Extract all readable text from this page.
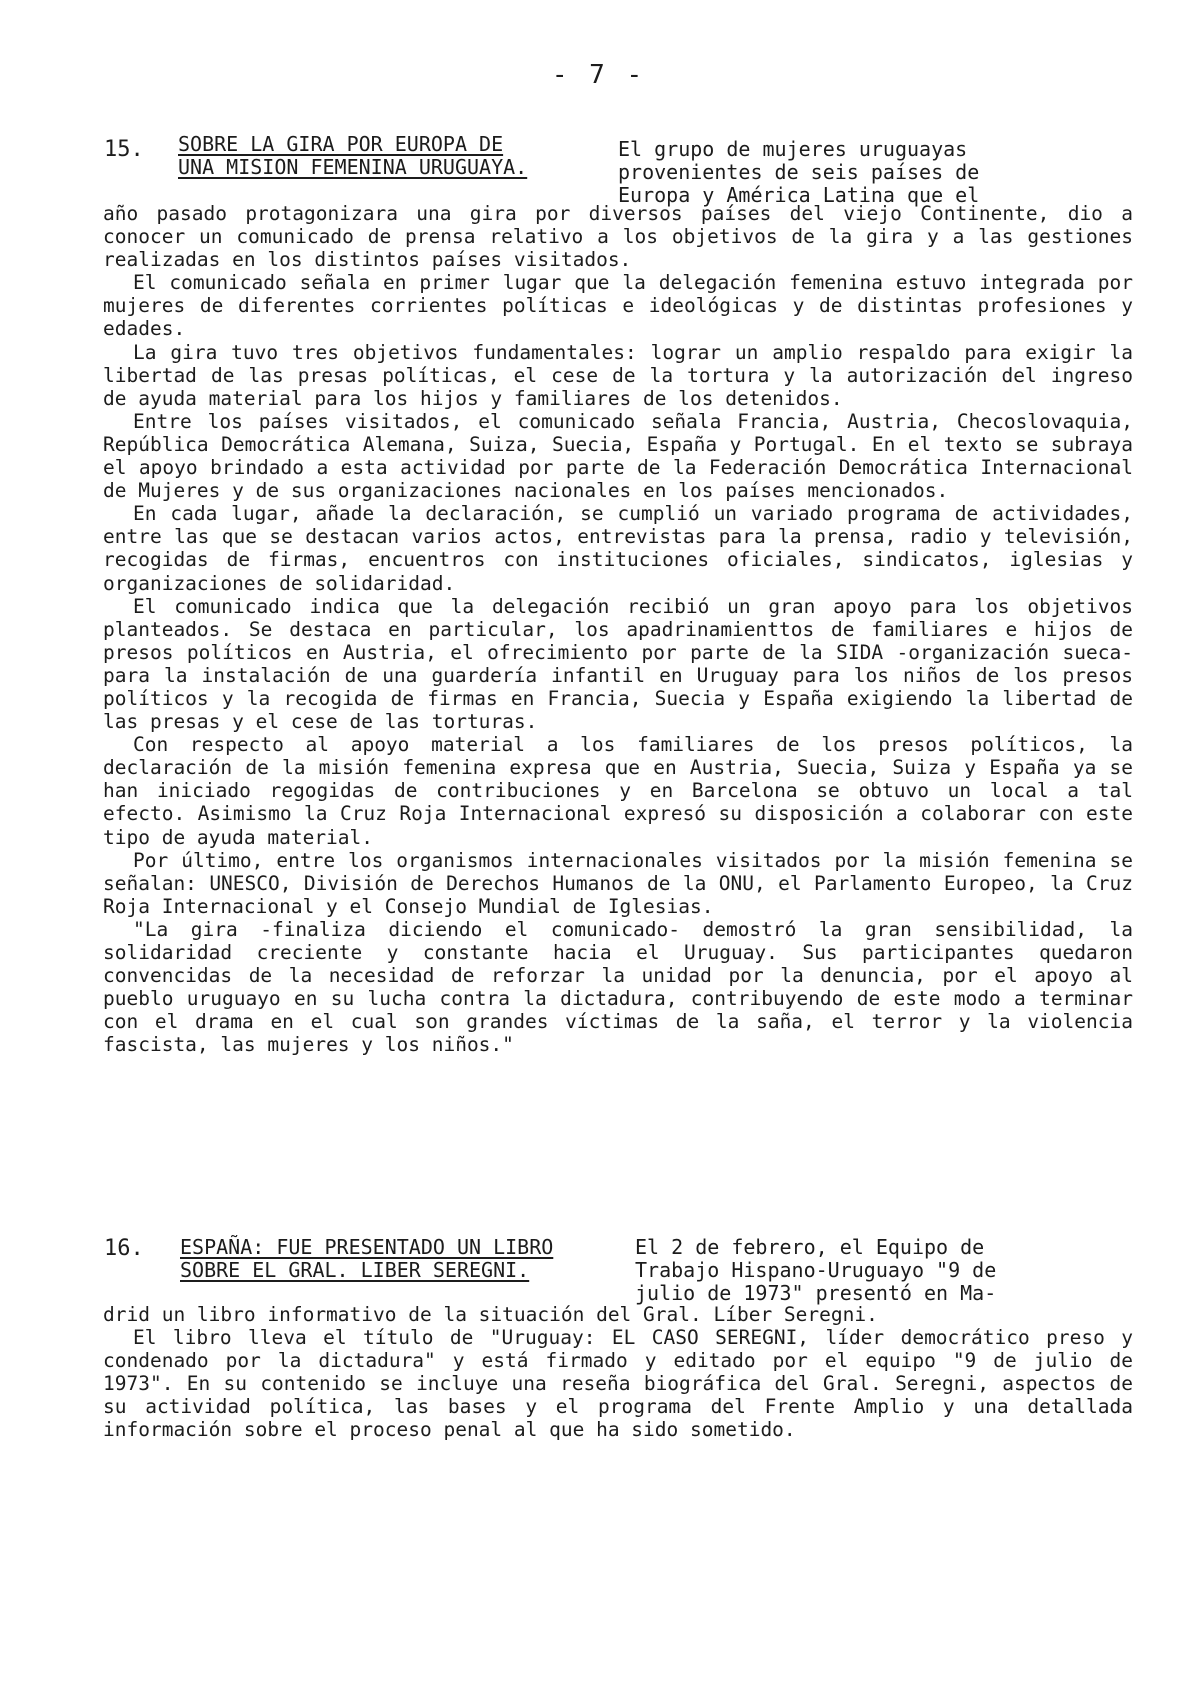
- 7 -
15. SOBRE LA GIRA POR EUROPA DE
UNA MISION FEMENINA URUGUAYA.
El grupo de mujeres uruguayas
provenientes de seis países de
Europa y América Latina que el

año pasado protagonizara una gira por diversos países del viejo Continente, dio a conocer un comunicado de prensa relativo a los objetivos de la gira y a las gestiones realizadas en los distintos países visitados.

El comunicado señala en primer lugar que la delegación femenina estuvo integrada por mujeres de diferentes corrientes políticas e ideológicas y de distintas profesiones y edades.

La gira tuvo tres objetivos fundamentales: lograr un amplio respaldo para exigir la libertad de las presas políticas, el cese de la tortura y la autorización del ingreso de ayuda material para los hijos y familiares de los detenidos.

Entre los países visitados, el comunicado señala Francia, Austria, Checoslovaquia, República Democrática Alemana, Suiza, Suecia, España y Portugal. En el texto se subraya el apoyo brindado a esta actividad por parte de la Federación Democrática Internacional de Mujeres y de sus organizaciones nacionales en los países mencionados.

En cada lugar, añade la declaración, se cumplió un variado programa de actividades, entre las que se destacan varios actos, entrevistas para la prensa, radio y televisión, recogidas de firmas, encuentros con instituciones oficiales, sindicatos, iglesias y organizaciones de solidaridad.

El comunicado indica que la delegación recibió un gran apoyo para los objetivos planteados. Se destaca en particular, los apadrinamienttos de familiares e hijos de presos políticos en Austria, el ofrecimiento por parte de la SIDA -organización sueca- para la instalación de una guardería infantil en Uruguay para los niños de los presos políticos y la recogida de firmas en Francia, Suecia y España exigiendo la libertad de las presas y el cese de las torturas.

Con respecto al apoyo material a los familiares de los presos políticos, la declaración de la misión femenina expresa que en Austria, Suecia, Suiza y España ya se han iniciado regogidas de contribuciones y en Barcelona se obtuvo un local a tal efecto. Asimismo la Cruz Roja Internacional expresó su disposición a colaborar con este tipo de ayuda material.

Por último, entre los organismos internacionales visitados por la misión femenina se señalan: UNESCO, División de Derechos Humanos de la ONU, el Parlamento Europeo, la Cruz Roja Internacional y el Consejo Mundial de Iglesias.

"La gira -finaliza diciendo el comunicado- demostró la gran sensibilidad, la solidaridad creciente y constante hacia el Uruguay. Sus participantes quedaron convencidas de la necesidad de reforzar la unidad por la denuncia, por el apoyo al pueblo uruguayo en su lucha contra la dictadura, contribuyendo de este modo a terminar con el drama en el cual son grandes víctimas de la saña, el terror y la violencia fascista, las mujeres y los niños."

16. ESPAÑA: FUE PRESENTADO UN LIBRO
SOBRE EL GRAL. LIBER SEREGNI.
El 2 de febrero, el Equipo de
Trabajo Hispano-Uruguayo "9 de
julio de 1973" presentó en Ma-

drid un libro informativo de la situación del Gral. Líber Seregni.

El libro lleva el título de "Uruguay: EL CASO SEREGNI, líder democrático preso y condenado por la dictadura" y está firmado y editado por el equipo "9 de julio de 1973". En su contenido se incluye una reseña biográfica del Gral. Seregni, aspectos de su actividad política, las bases y el programa del Frente Amplio y una detallada información sobre el proceso penal al que ha sido sometido.
